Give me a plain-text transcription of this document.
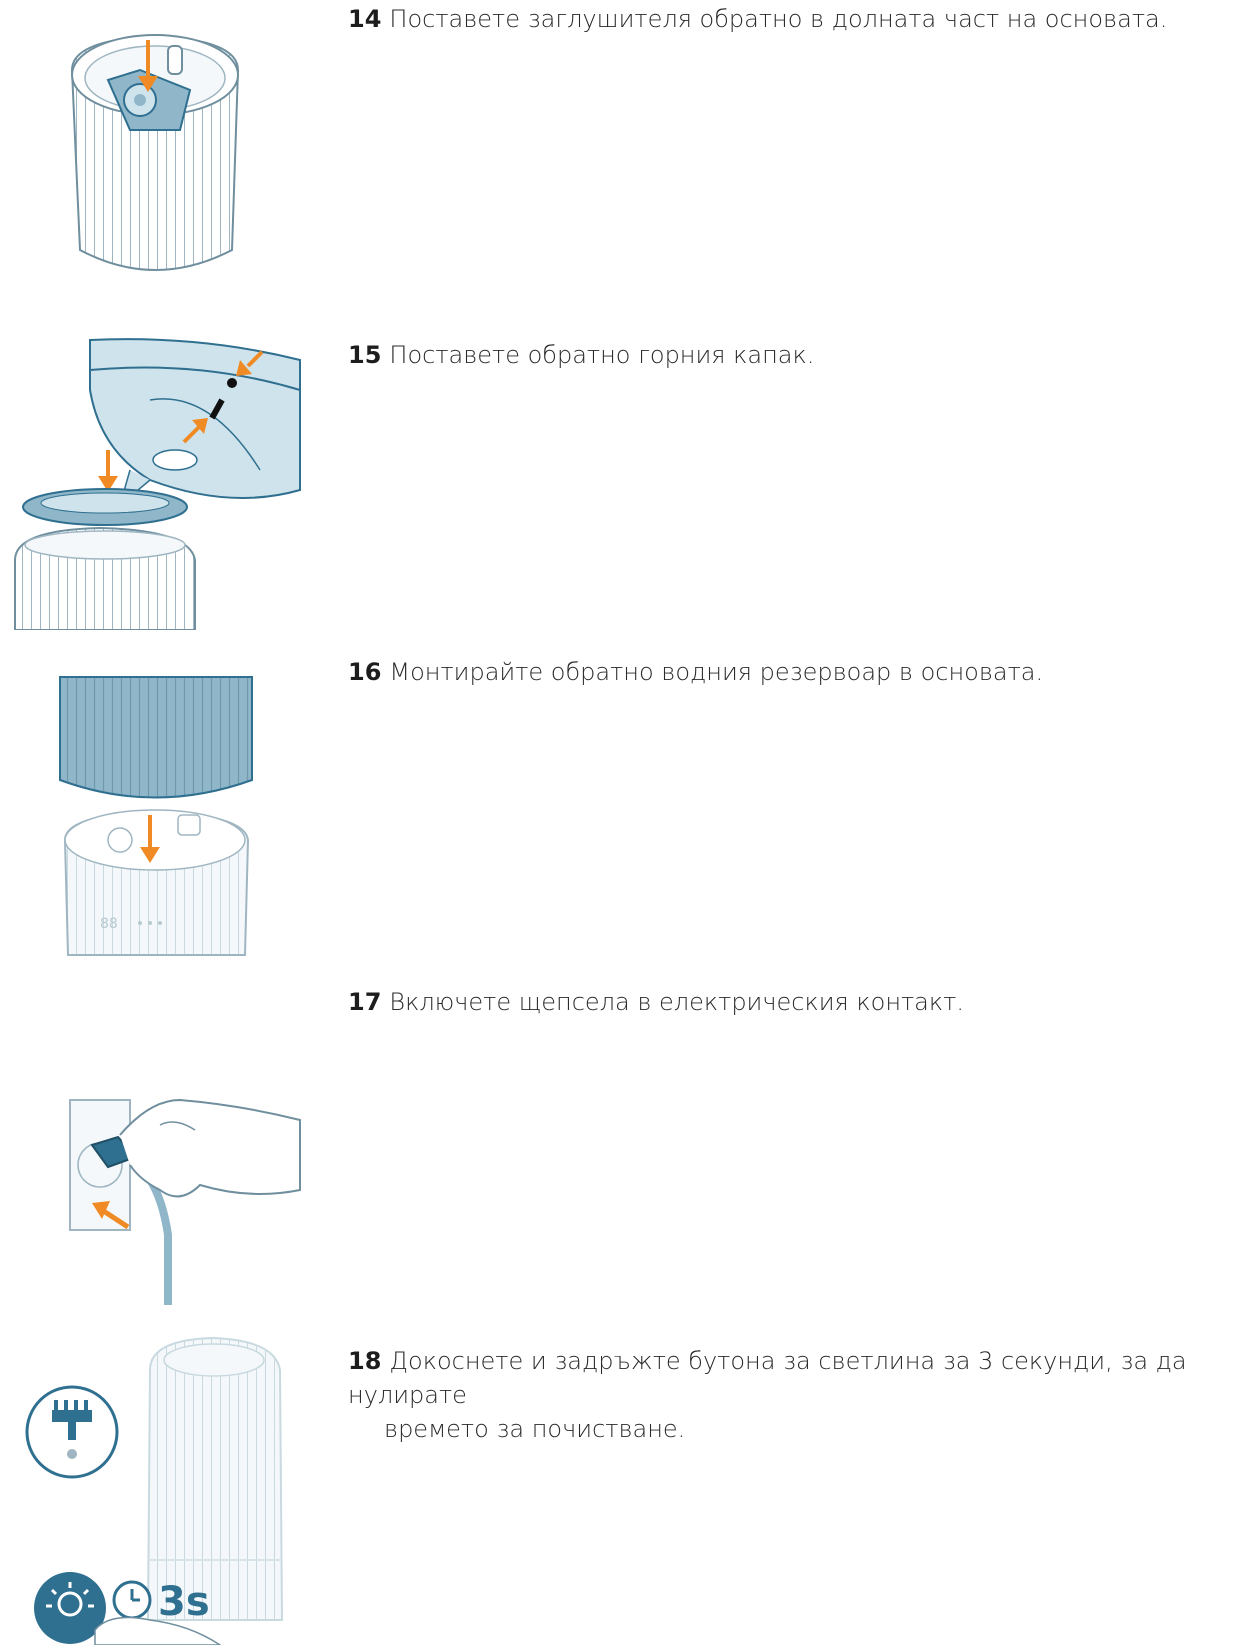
14 Поставете заглушителя обратно в долната част на основата.
15 Поставете обратно горния капак.
88
16 Монтирайте обратно водния резервоар в основата.
17 Включете щепсела в електрическия контакт.
3s
18 Докоснете и задръжте бутона за светлина за 3 секунди, за да нулирате
времето за почистване.
